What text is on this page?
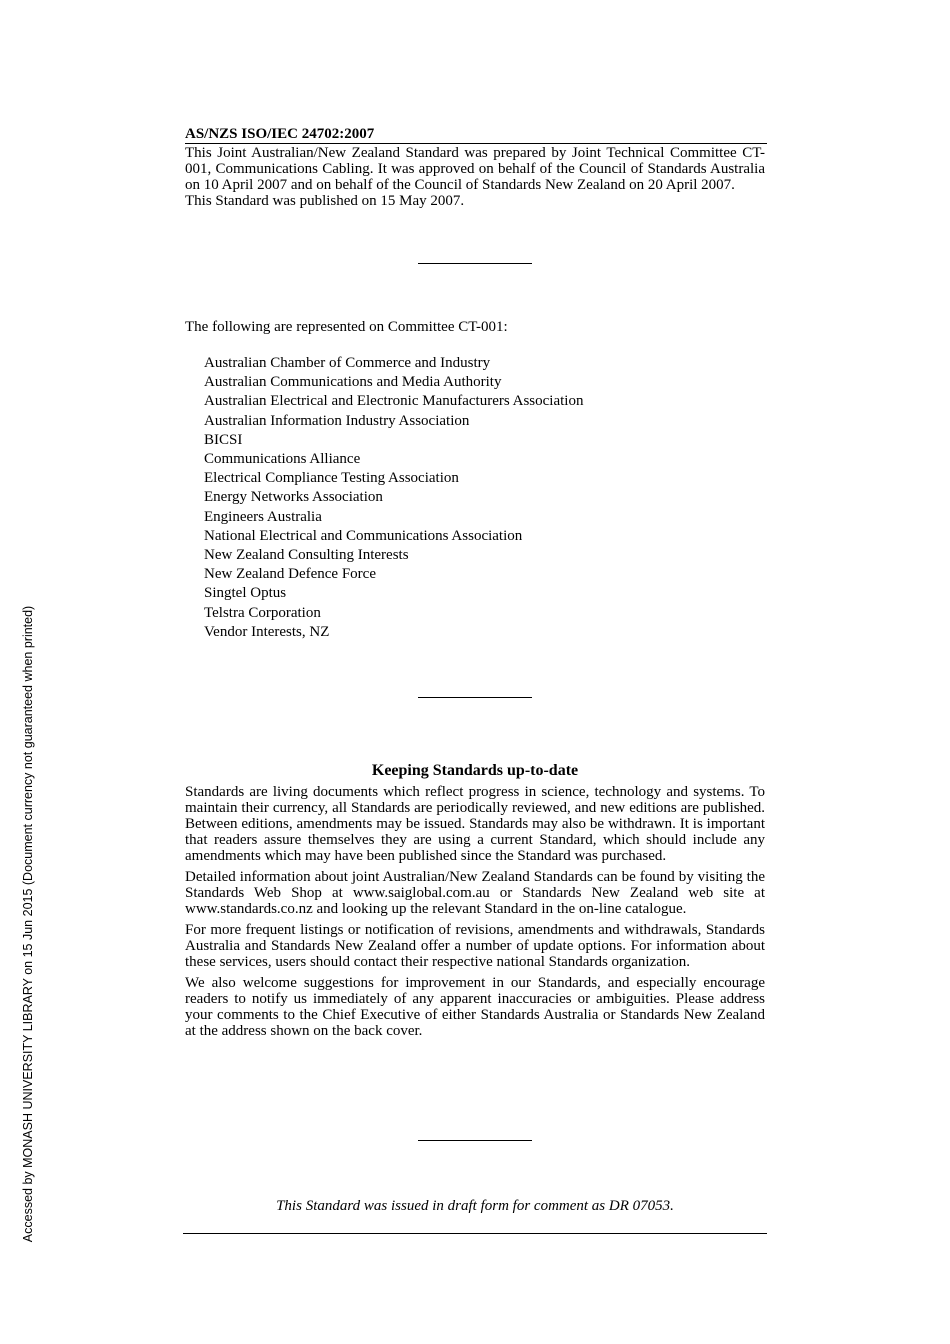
Accessed by MONASH UNIVERSITY LIBRARY on 15 Jun 2015 (Document currency not guaranteed when printed)
AS/NZS ISO/IEC 24702:2007

This Joint Australian/New Zealand Standard was prepared by Joint Technical Committee CT-001, Communications Cabling. It was approved on behalf of the Council of Standards Australia on 10 April 2007 and on behalf of the Council of Standards New Zealand on 20 April 2007.

This Standard was published on 15 May 2007.

The following are represented on Committee CT-001:
Australian Chamber of Commerce and Industry
Australian Communications and Media Authority
Australian Electrical and Electronic Manufacturers Association
Australian Information Industry Association
BICSI
Communications Alliance
Electrical Compliance Testing Association
Energy Networks Association
Engineers Australia
National Electrical and Communications Association
New Zealand Consulting Interests
New Zealand Defence Force
Singtel Optus
Telstra Corporation
Vendor Interests, NZ
Keeping Standards up-to-date

Standards are living documents which reflect progress in science, technology and systems. To maintain their currency, all Standards are periodically reviewed, and new editions are published. Between editions, amendments may be issued. Standards may also be withdrawn. It is important that readers assure themselves they are using a current Standard, which should include any amendments which may have been published since the Standard was purchased.

Detailed information about joint Australian/New Zealand Standards can be found by visiting the Standards Web Shop at www.saiglobal.com.au or Standards New Zealand web site at www.standards.co.nz and looking up the relevant Standard in the on-line catalogue.

For more frequent listings or notification of revisions, amendments and withdrawals, Standards Australia and Standards New Zealand offer a number of update options. For information about these services, users should contact their respective national Standards organization.

We also welcome suggestions for improvement in our Standards, and especially encourage readers to notify us immediately of any apparent inaccuracies or ambiguities. Please address your comments to the Chief Executive of either Standards Australia or Standards New Zealand at the address shown on the back cover.

This Standard was issued in draft form for comment as DR 07053.
